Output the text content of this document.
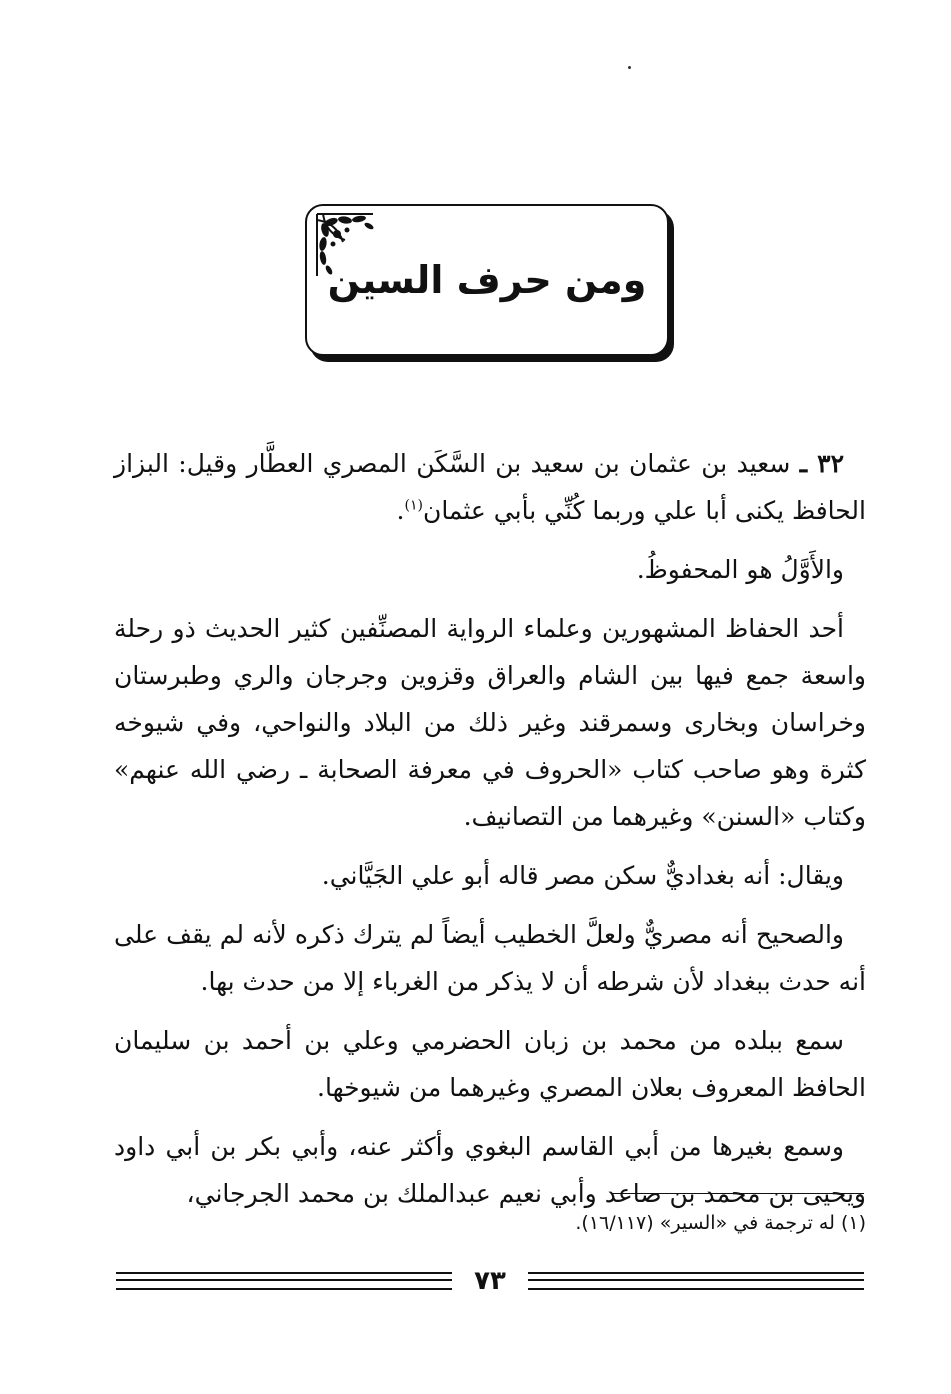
ومن حرف السين

٣٢ ـ سعيد بن عثمان بن سعيد بن السَّكَن المصري العطَّار وقيل: البزاز الحافظ يكنى أبا علي وربما كُنِّي بأبي عثمان$^{(١)}$.

والأَوَّلُ هو المحفوظُ.

أحد الحفاظ المشهورين وعلماء الرواية المصنِّفين كثير الحديث ذو رحلة واسعة جمع فيها بين الشام والعراق وقزوين وجرجان والري وطبرستان وخراسان وبخارى وسمرقند وغير ذلك من البلاد والنواحي، وفي شيوخه كثرة وهو صاحب كتاب «الحروف في معرفة الصحابة ـ رضي الله عنهم» وكتاب «السنن» وغيرهما من التصانيف.

ويقال: أنه بغداديٌّ سكن مصر قاله أبو علي الجَيَّاني.

والصحيح أنه مصريٌّ ولعلَّ الخطيب أيضاً لم يترك ذكره لأنه لم يقف على أنه حدث ببغداد لأن شرطه أن لا يذكر من الغرباء إلا من حدث بها.

سمع ببلده من محمد بن زبان الحضرمي وعلي بن أحمد بن سليمان الحافظ المعروف بعلان المصري وغيرهما من شيوخها.

وسمع بغيرها من أبي القاسم البغوي وأكثر عنه، وأبي بكر بن أبي داود ويحيى بن محمد بن صاعد وأبي نعيم عبدالملك بن محمد الجرجاني،

(١) له ترجمة في «السير» (١٦/١١٧).
٧٣
